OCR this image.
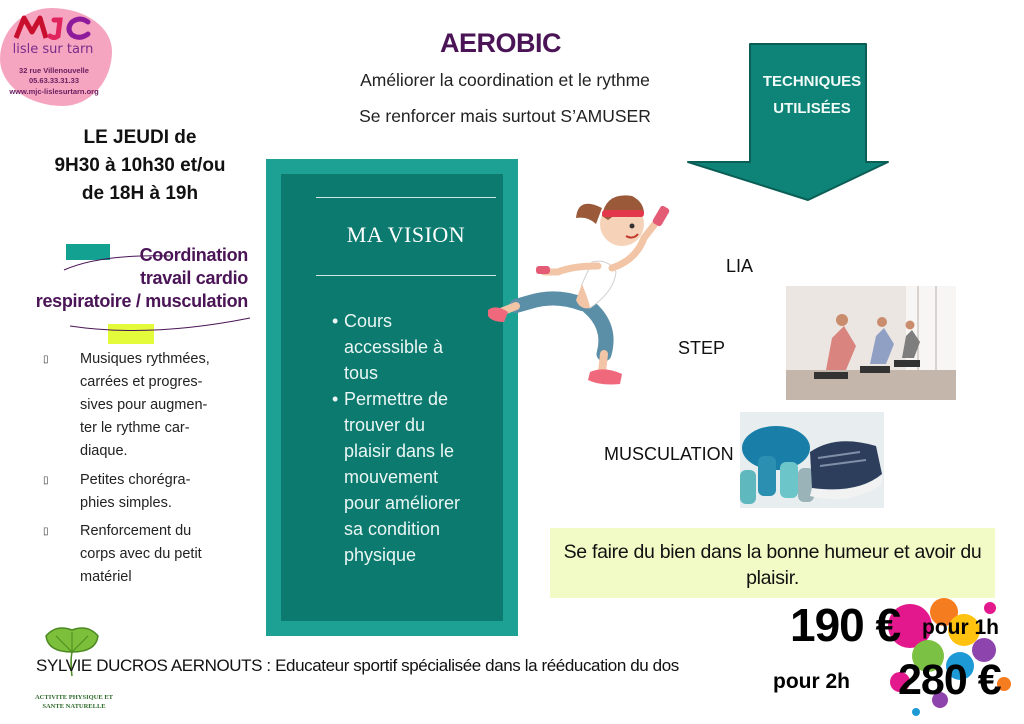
lisle sur tarn
32 rue Villenouvelle
05.63.33.31.33
www.mjc-lislesurtarn.org
LE JEUDI de
9H30 à 10h30 et/ou
de 18H à 19h
Coordination
travail cardio
respiratoire / musculation
▯ Musiques rythmées,
carrées et progres-
sives pour augmen-
ter le rythme car-
diaque.
▯ Petites chorégra-
phies simples.
▯ Renforcement du
corps avec du petit
matériel
AEROBIC
Améliorer la coordination et le rythme
Se renforcer mais surtout S’AMUSER
MA VISION
• Cours
accessible à
tous
• Permettre de
trouver du
plaisir dans le
mouvement
pour améliorer
sa condition
physique
TECHNIQUES
UTILISÉES
LIA
STEP
MUSCULATION
Se faire du bien dans la bonne humeur et avoir du
plaisir.
190 € pour 1h
pour 2h 280 €
ACTIVITE PHYSIQUE ET
SANTE NATURELLE
SYLVIE DUCROS AERNOUTS : Educateur sportif spécialisée dans la rééducation du dos
